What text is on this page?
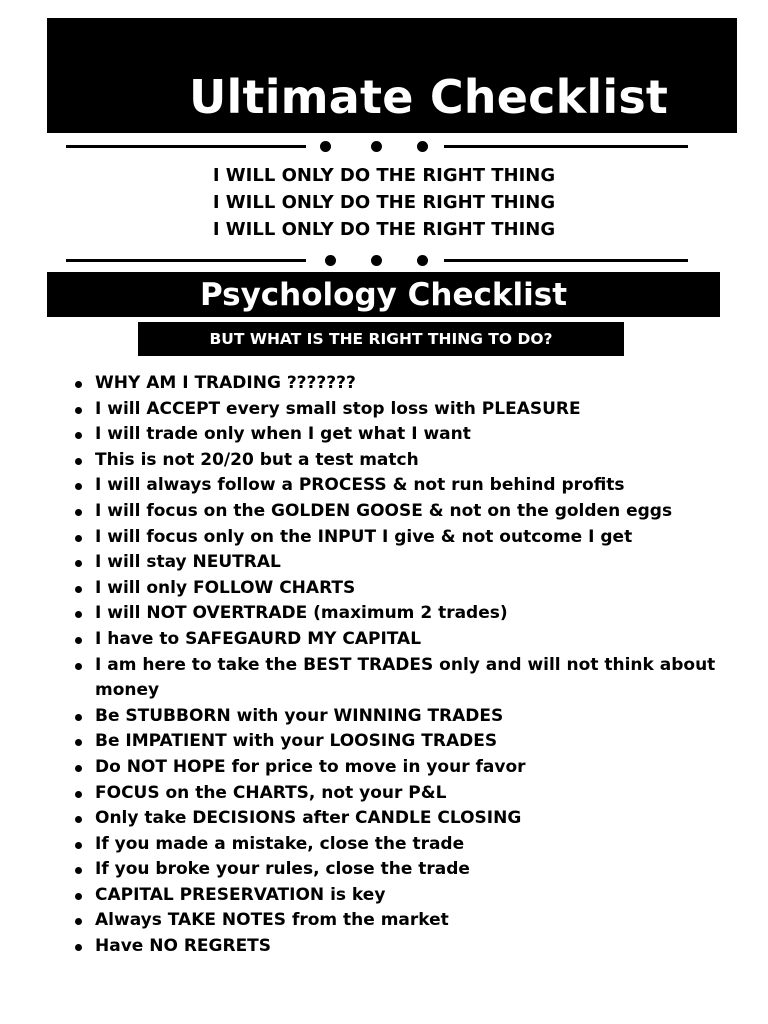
Ultimate Checklist
I WILL ONLY DO THE RIGHT THING
I WILL ONLY DO THE RIGHT THING
I WILL ONLY DO THE RIGHT THING
Psychology Checklist
BUT WHAT IS THE RIGHT THING TO DO?
WHY AM I TRADING ???????
I will ACCEPT every small stop loss with PLEASURE
I will trade only when I get what I want
This is not 20/20 but a test match
I will always follow a PROCESS & not run behind profits
I will focus on the GOLDEN GOOSE & not on the golden eggs
I will focus only on the INPUT I give & not outcome I get
I will stay NEUTRAL
I will only FOLLOW CHARTS
I will NOT OVERTRADE (maximum 2 trades)
I have to SAFEGAURD MY CAPITAL
I am here to take the BEST TRADES only and will not think about money
Be STUBBORN with your WINNING TRADES
Be IMPATIENT with your LOOSING TRADES
Do NOT HOPE for price to move in your favor
FOCUS on the CHARTS, not your P&L
Only take DECISIONS after CANDLE CLOSING
If you made a mistake, close the trade
If you broke your rules, close the trade
CAPITAL PRESERVATION is key
Always TAKE NOTES from the market
Have NO REGRETS
